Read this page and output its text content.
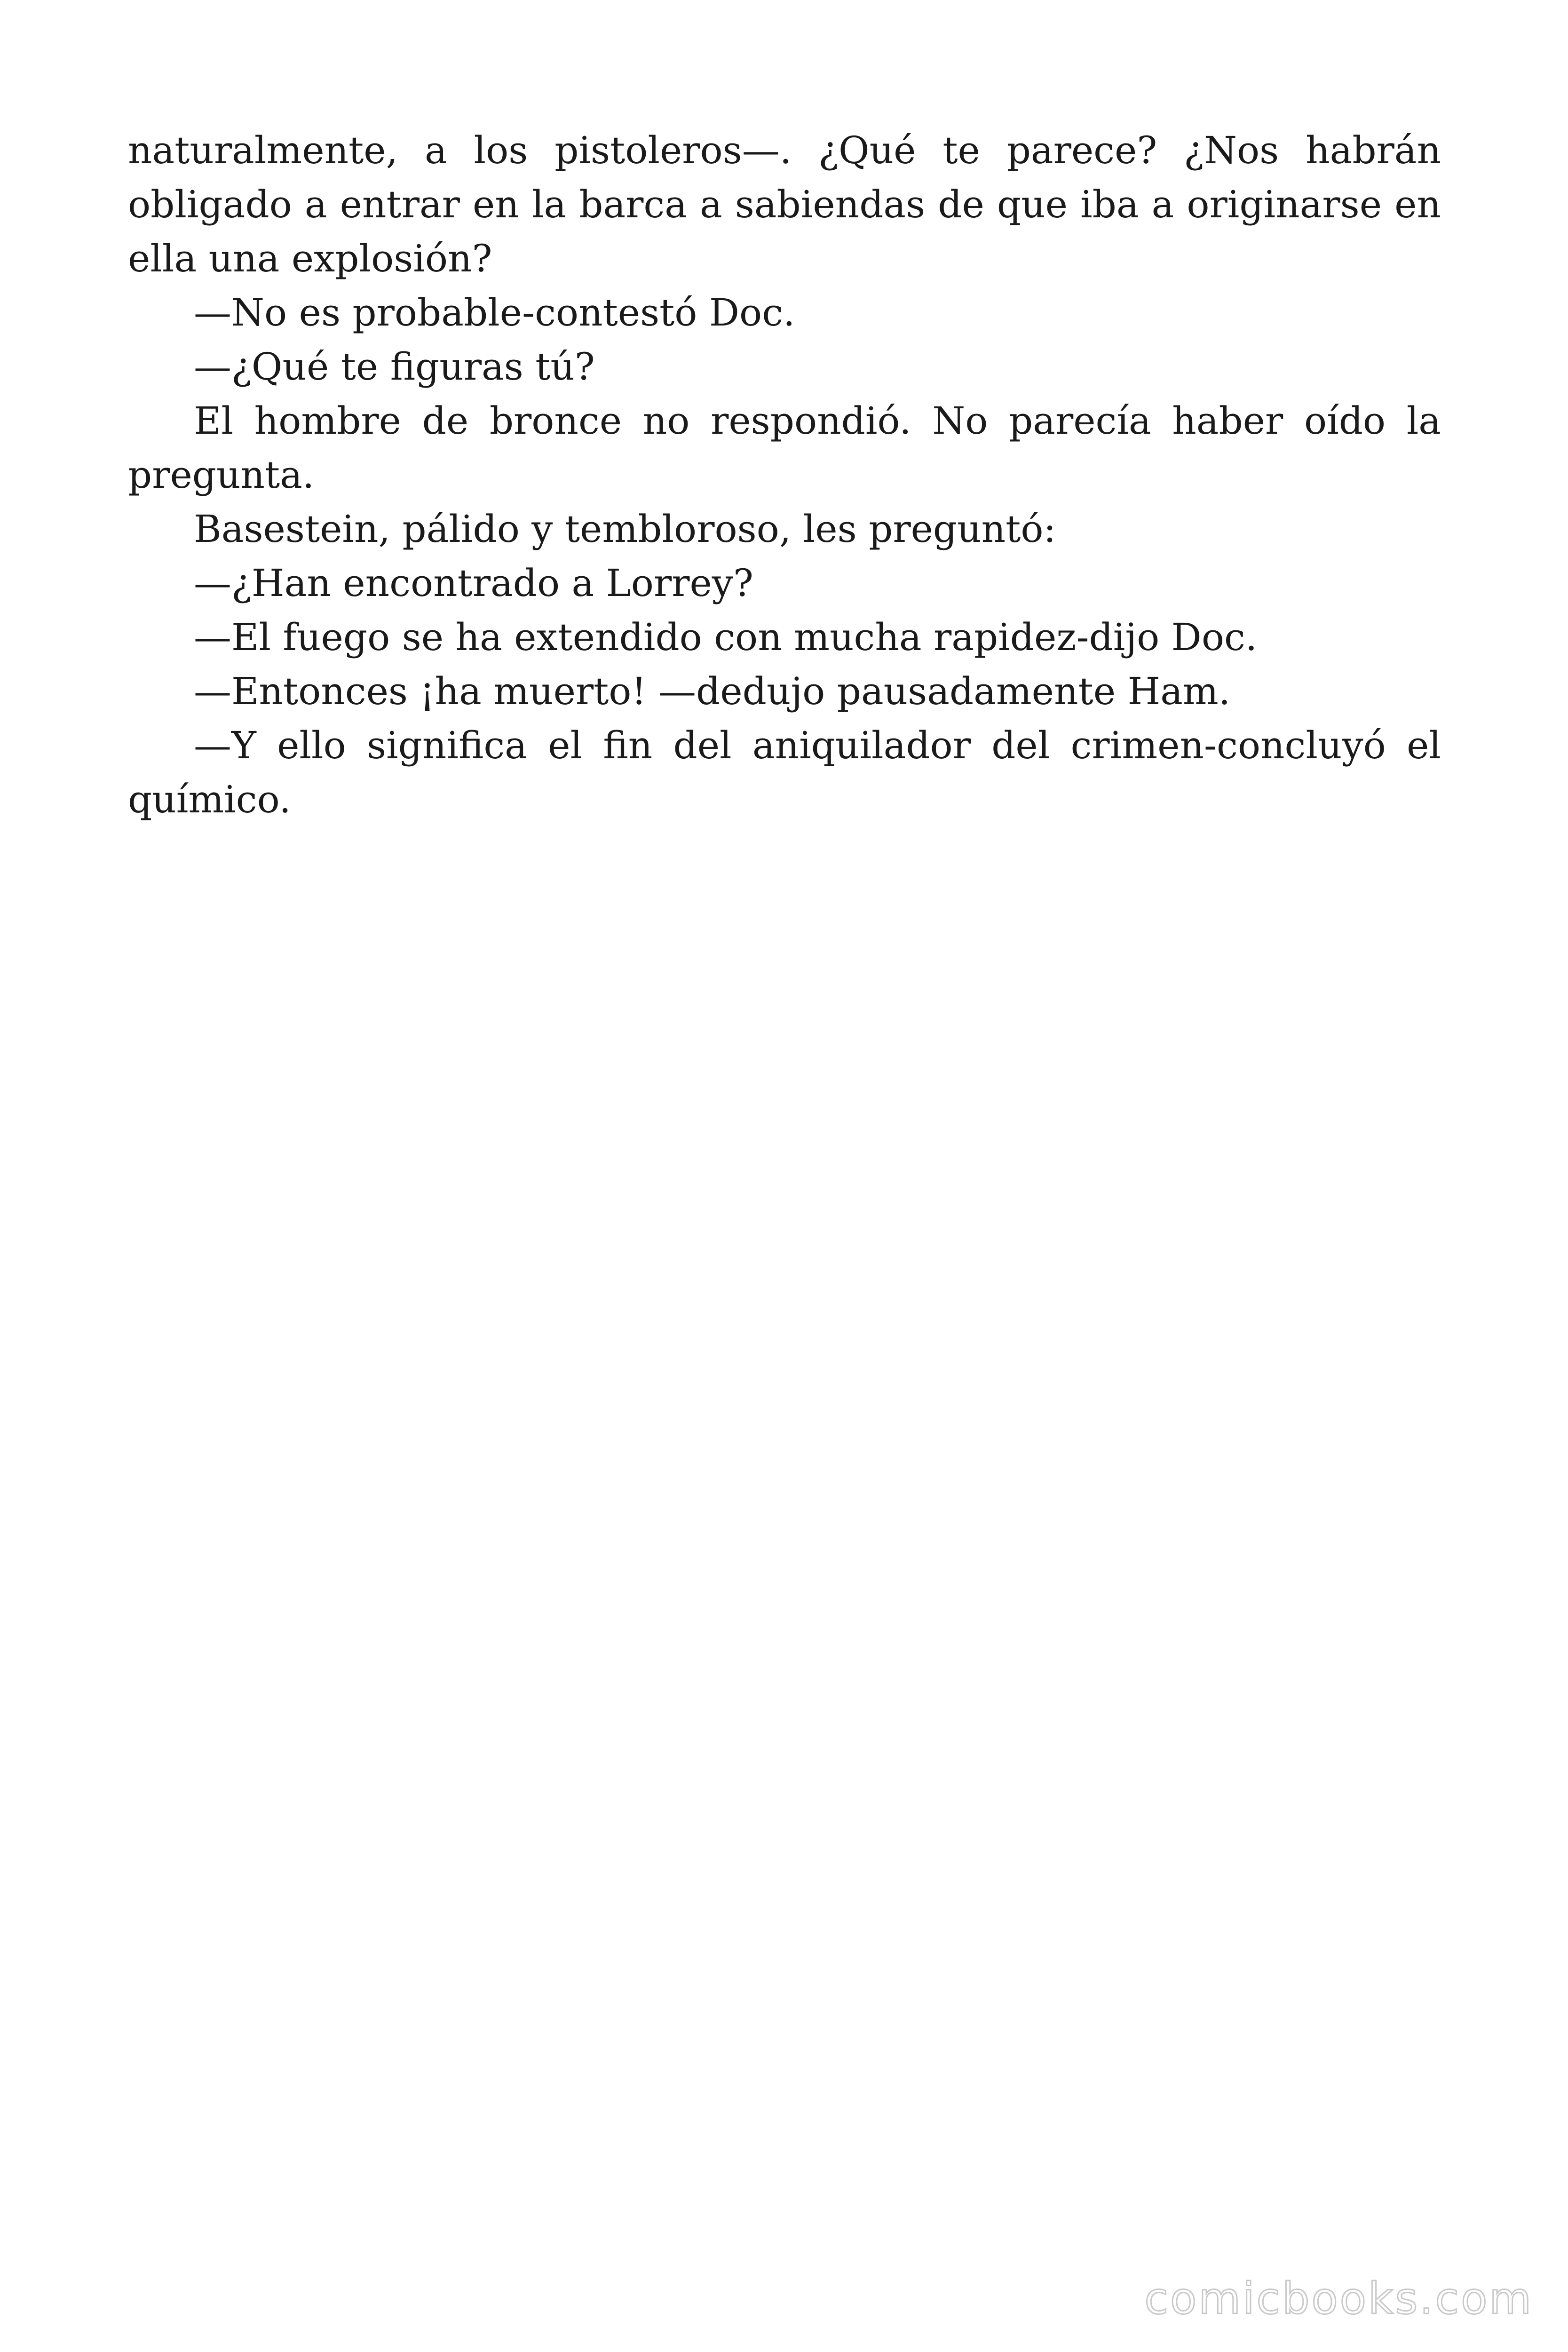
naturalmente, a los pistoleros—. ¿Qué te parece? ¿Nos habrán obligado a entrar en la barca a sabiendas de que iba a originarse en ella una explosión?

—No es probable-contestó Doc.

—¿Qué te figuras tú?

El hombre de bronce no respondió. No parecía haber oído la pregunta.

Basestein, pálido y tembloroso, les preguntó:

—¿Han encontrado a Lorrey?

—El fuego se ha extendido con mucha rapidez-dijo Doc.

—Entonces ¡ha muerto! —dedujo pausadamente Ham.

—Y ello significa el fin del aniquilador del crimen-concluyó el químico.

comicbooks.com
